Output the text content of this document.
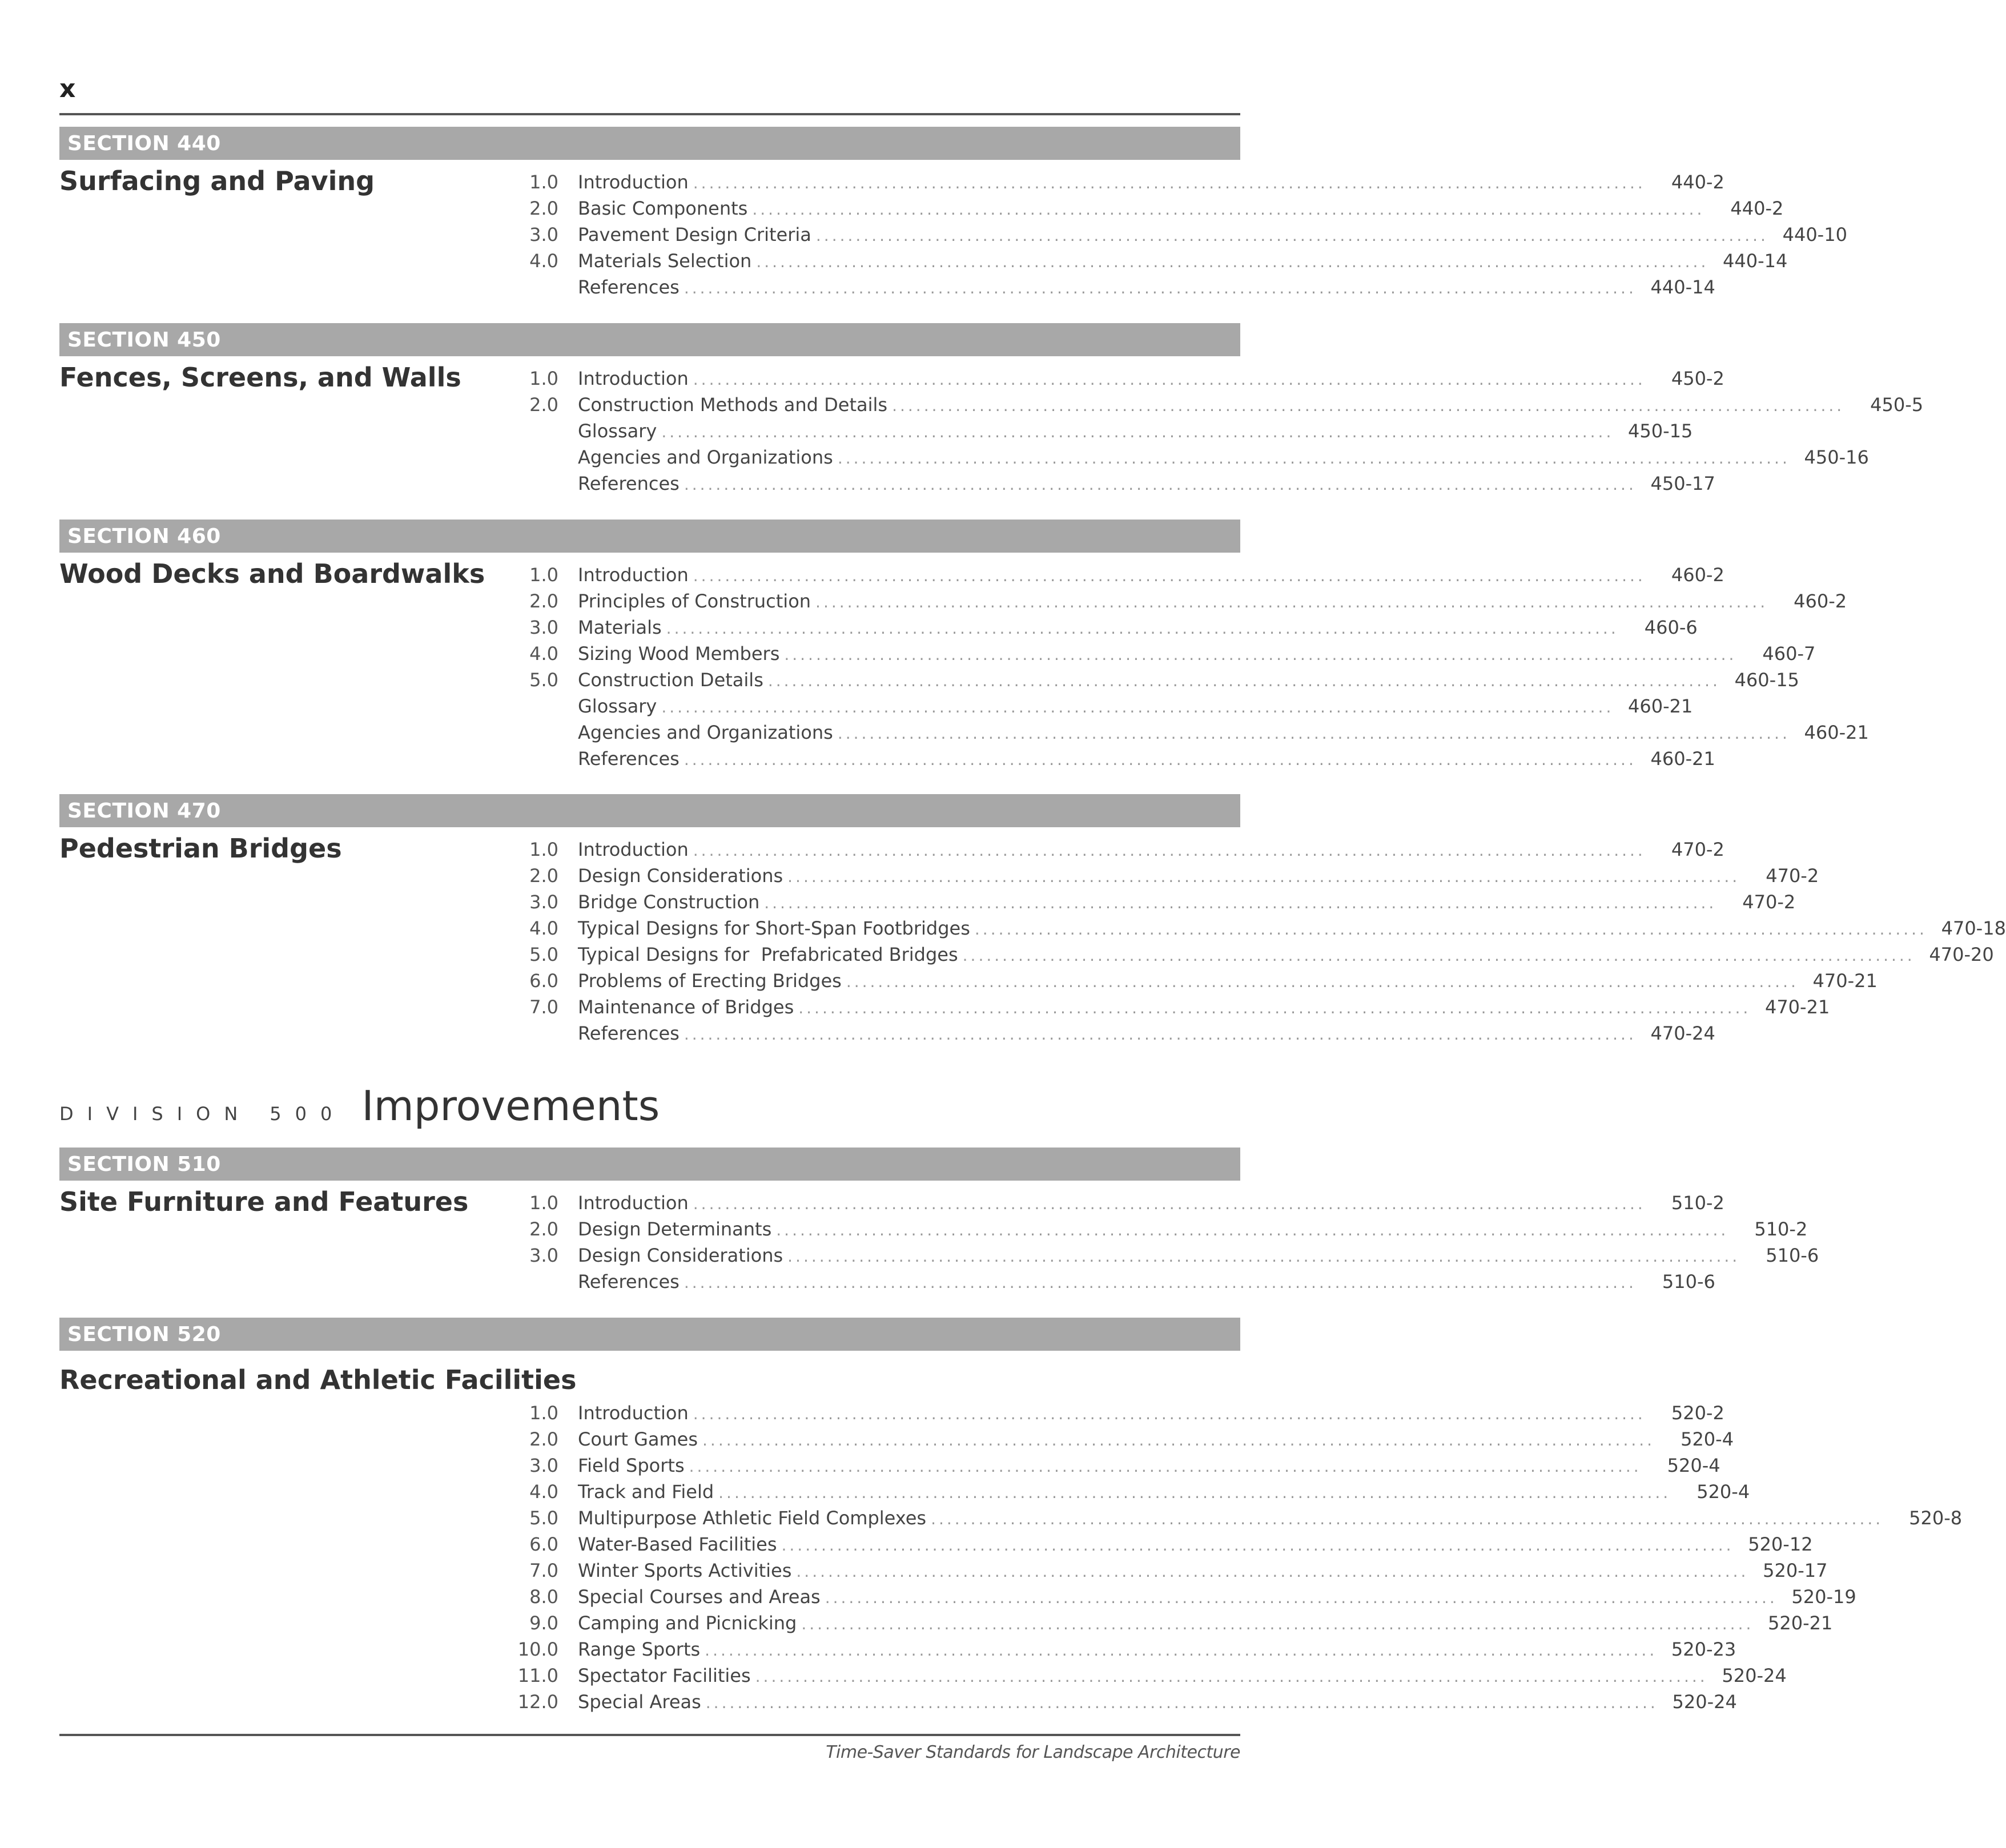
x
SECTION 440
Surfacing and Paving	1.0	Introduction ........................................................................................................................	440-2
2.0	Basic Components ........................................................................................................................	440-2
3.0	Pavement Design Criteria ........................................................................................................................ 440-10
4.0	Materials Selection ........................................................................................................................ 440-14
References ........................................................................................................................ 440-14
SECTION 450
Fences, Screens, and Walls	1.0	Introduction ........................................................................................................................	450-2
2.0	Construction Methods and Details ........................................................................................................................	450-5
Glossary ........................................................................................................................ 450-15
Agencies and Organizations ........................................................................................................................ 450-16
References ........................................................................................................................ 450-17
SECTION 460
Wood Decks and Boardwalks	1.0	Introduction ........................................................................................................................	460-2
2.0	Principles of Construction ........................................................................................................................	460-2
3.0	Materials ........................................................................................................................	460-6
4.0	Sizing Wood Members ........................................................................................................................	460-7
5.0	Construction Details ........................................................................................................................ 460-15
Glossary ........................................................................................................................ 460-21
Agencies and Organizations ........................................................................................................................ 460-21
References ........................................................................................................................ 460-21
SECTION 470
Pedestrian Bridges	1.0	Introduction ........................................................................................................................	470-2
2.0	Design Considerations ........................................................................................................................	470-2
3.0	Bridge Construction ........................................................................................................................	470-2
4.0	Typical Designs for Short-Span Footbridges ........................................................................................................................ 470-18
5.0	Typical Designs for  Prefabricated Bridges ........................................................................................................................ 470-20
6.0	Problems of Erecting Bridges ........................................................................................................................ 470-21
7.0	Maintenance of Bridges ........................................................................................................................ 470-21
References ........................................................................................................................ 470-24
DIVISION 500 Improvements
SECTION 510
Site Furniture and Features	1.0	Introduction ........................................................................................................................	510-2
2.0	Design Determinants ........................................................................................................................	510-2
3.0	Design Considerations ........................................................................................................................	510-6
References ........................................................................................................................	510-6
SECTION 520
Recreational and Athletic Facilities
1.0	Introduction ........................................................................................................................	520-2
2.0	Court Games ........................................................................................................................	520-4
3.0	Field Sports ........................................................................................................................	520-4
4.0	Track and Field ........................................................................................................................	520-4
5.0	Multipurpose Athletic Field Complexes ........................................................................................................................	520-8
6.0	Water-Based Facilities ........................................................................................................................ 520-12
7.0	Winter Sports Activities ........................................................................................................................ 520-17
8.0	Special Courses and Areas ........................................................................................................................ 520-19
9.0	Camping and Picnicking ........................................................................................................................ 520-21
10.0	Range Sports ........................................................................................................................ 520-23
11.0	Spectator Facilities ........................................................................................................................ 520-24
12.0	Special Areas ........................................................................................................................ 520-24
Time-Saver Standards for Landscape Architecture
